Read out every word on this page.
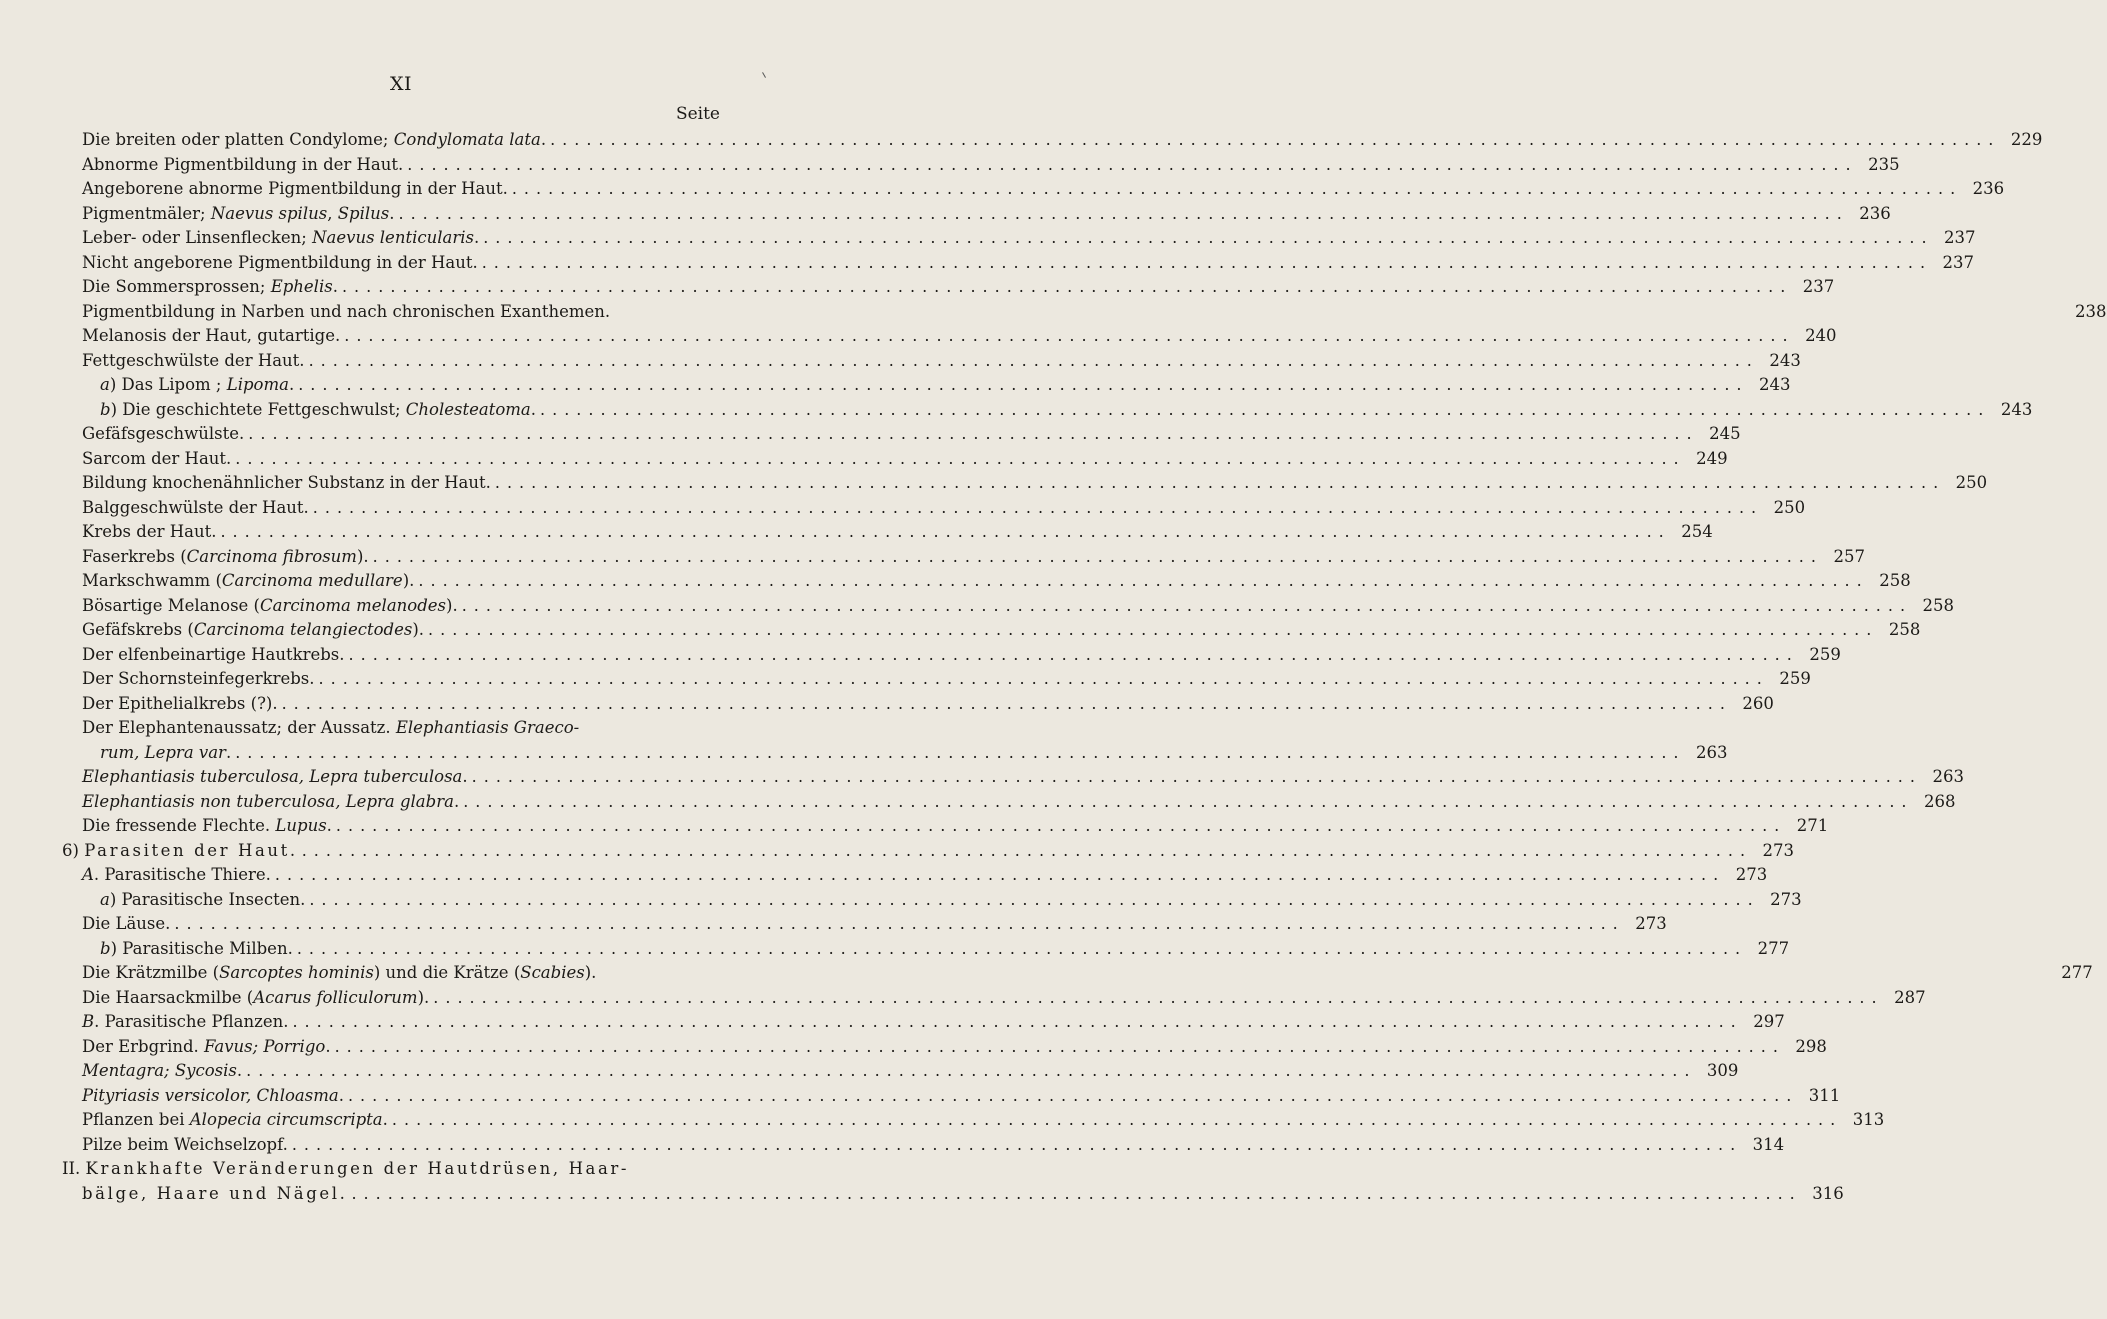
XI
Seite
Die breiten oder platten Condylome; Condylomata lata. .....	229
Abnorme Pigmentbildung in der Haut. .....	235
Angeborene abnorme Pigmentbildung in der Haut. .....	236
Pigmentmäler; Naevus spilus, Spilus. .....	236
Leber- oder Linsenflecken; Naevus lenticularis. .....	237
Nicht angeborene Pigmentbildung in der Haut. .....	237
Die Sommersprossen; Ephelis. .....	237
Pigmentbildung in Narben und nach chronischen Exanthemen.	238
Melanosis der Haut, gutartige. .....	240
Fettgeschwülste der Haut. .....	243
a) Das Lipom ; Lipoma. .....	243
b) Die geschichtete Fettgeschwulst; Cholesteatoma. .....	243
Gefäfsgeschwülste. .....	245
Sarcom der Haut. .....	249
Bildung knochenähnlicher Substanz in der Haut. .....	250
Balggeschwülste der Haut. .....	250
Krebs der Haut. .....	254
Faserkrebs (Carcinoma fibrosum). .....	257
Markschwamm (Carcinoma medullare). .....	258
Bösartige Melanose (Carcinoma melanodes). .....	258
Gefäfskrebs (Carcinoma telangiectodes). .....	258
Der elfenbeinartige Hautkrebs. .....	259
Der Schornsteinfegerkrebs. .....	259
Der Epithelialkrebs (?). .....	260
Der Elephantenaussatz; der Aussatz. Elephantiasis Graeco-
rum, Lepra var. .....	263
Elephantiasis tuberculosa, Lepra tuberculosa. .....	263
Elephantiasis non tuberculosa, Lepra glabra. .....	268
Die fressende Flechte. Lupus. .....	271
6) Parasiten der Haut. .....	273
A. Parasitische Thiere. .....	273
a) Parasitische Insecten. .....	273
Die Läuse. .....	273
b) Parasitische Milben. .....	277
Die Krätzmilbe (Sarcoptes hominis) und die Krätze (Scabies).	277
Die Haarsackmilbe (Acarus folliculorum). .....	287
B. Parasitische Pflanzen. .....	297
Der Erbgrind. Favus; Porrigo. .....	298
Mentagra; Sycosis. .....	309
Pityriasis versicolor, Chloasma. .....	311
Pflanzen bei Alopecia circumscripta. .....	313
Pilze beim Weichselzopf. .....	314
II. Krankhafte Veränderungen der Hautdrüsen, Haar-
bälge, Haare und Nägel. .....	316
